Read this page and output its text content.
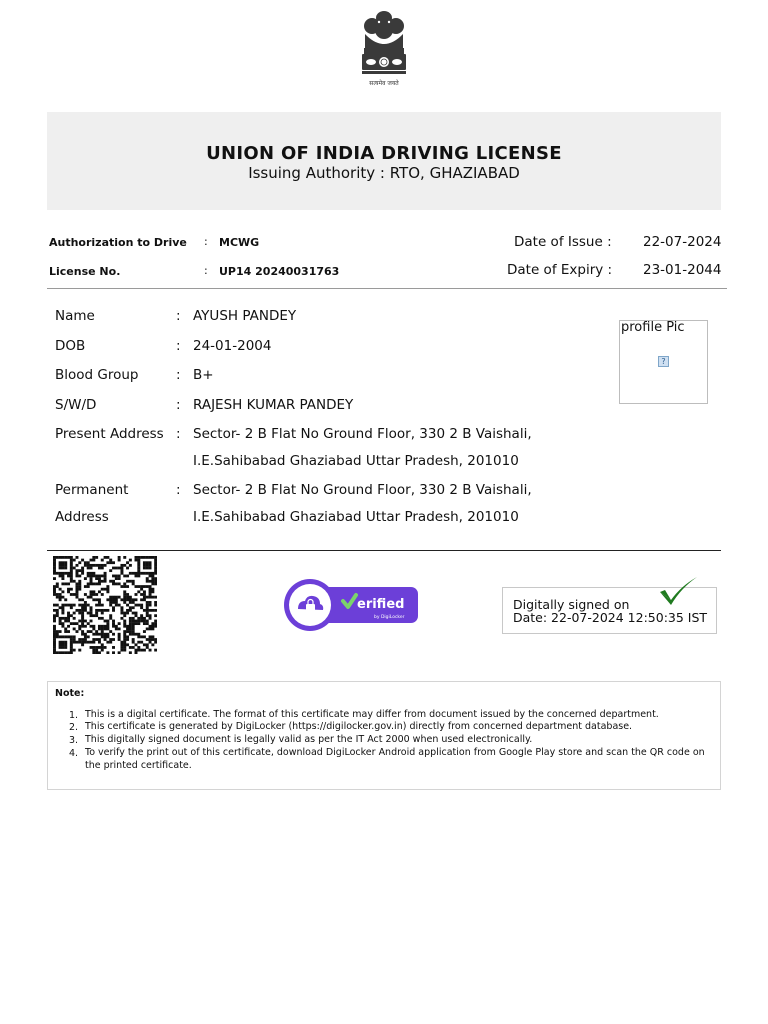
सत्यमेव जयते
UNION OF INDIA DRIVING LICENSE
Issuing Authority : RTO, GHAZIABAD
Authorization to Drive : MCWG
License No.	: UP14 20240031763
Date of Issue : 22-07-2024
Date of Expiry : 23-01-2044
Name	: AYUSH PANDEY
DOB	: 24-01-2004
Blood Group	: B+
S/W/D	: RAJESH KUMAR PANDEY
Present Address : Sector- 2 B Flat No Ground Floor, 330 2 B Vaishali,
I.E.Sahibabad Ghaziabad Uttar Pradesh, 201010
Permanent
Address
: Sector- 2 B Flat No Ground Floor, 330 2 B Vaishali,
I.E.Sahibabad Ghaziabad Uttar Pradesh, 201010
profile Pic
?
erified
by DigiLocker
Digitally signed on
Date: 22-07-2024 12:50:35 IST
Note:
1. This is a digital certificate. The format of this certificate may differ from document issued by the concerned department.
2. This certificate is generated by DigiLocker (https://digilocker.gov.in) directly from concerned department database.
3. This digitally signed document is legally valid as per the IT Act 2000 when used electronically.
4. To verify the print out of this certificate, download DigiLocker Android application from Google Play store and scan the QR code on the printed certificate.
